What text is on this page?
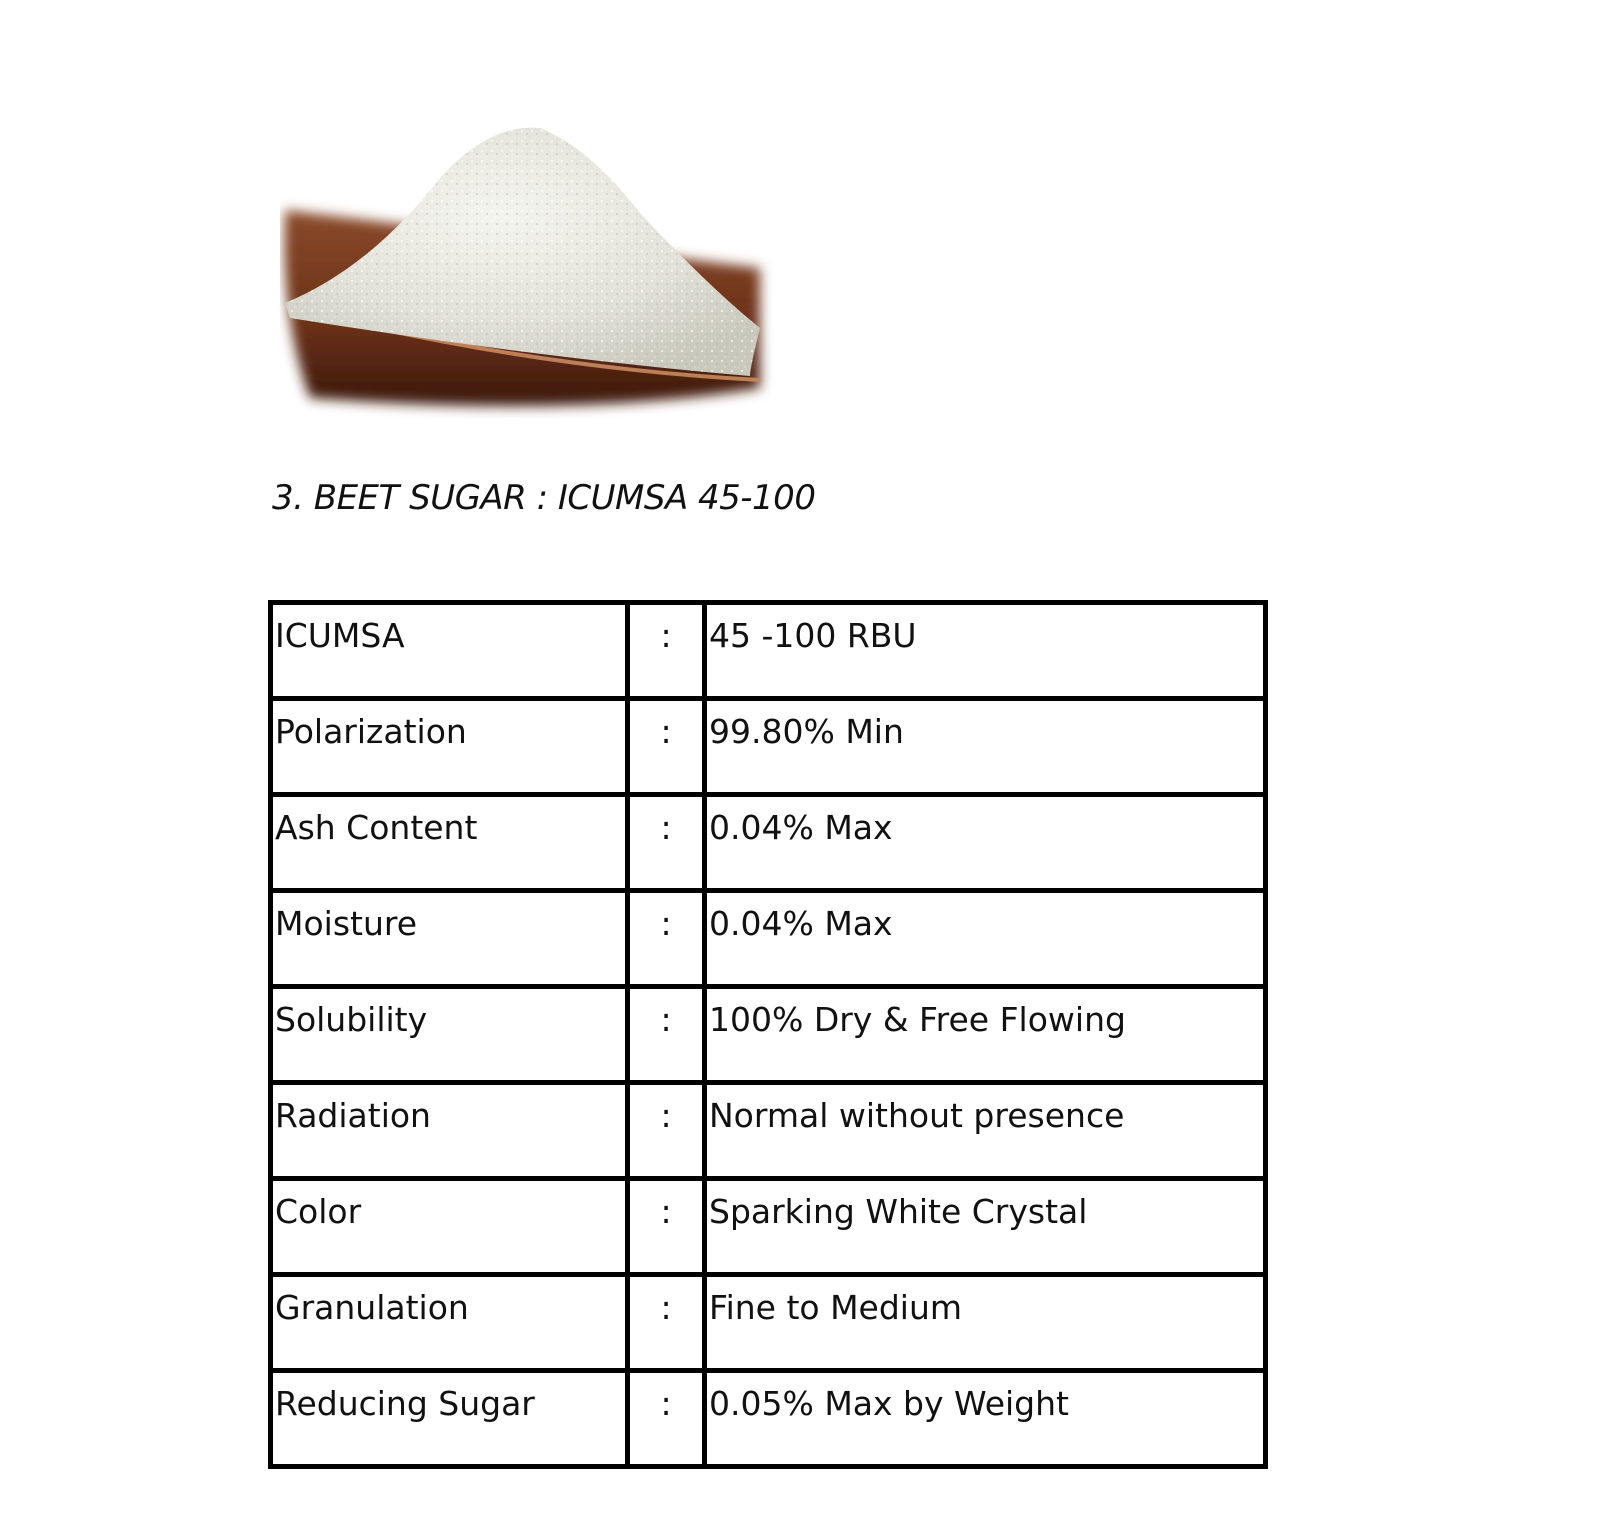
3. BEET SUGAR : ICUMSA 45-100
ICUMSA	:	45 -100 RBU
Polarization	:	99.80% Min
Ash Content	:	0.04% Max
Moisture	:	0.04% Max
Solubility	:	100% Dry & Free Flowing
Radiation	:	Normal without presence
Color	:	Sparking White Crystal
Granulation	:	Fine to Medium
Reducing Sugar	:	0.05% Max by Weight
